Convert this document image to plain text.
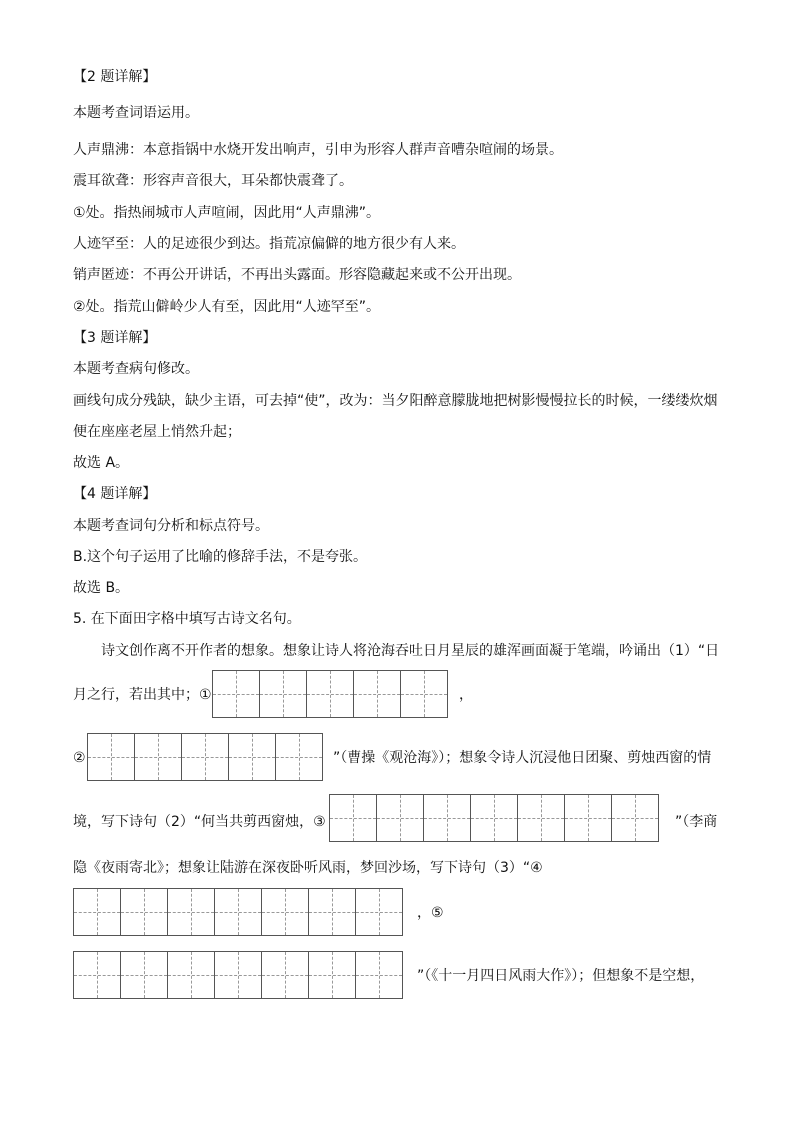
【2 题详解】
本题考查词语运用。
人声鼎沸：本意指锅中水烧开发出响声，引申为形容人群声音嘈杂喧闹的场景。
震耳欲聋：形容声音很大，耳朵都快震聋了。
①处。指热闹城市人声喧闹，因此用“人声鼎沸”。
人迹罕至：人的足迹很少到达。指荒凉偏僻的地方很少有人来。
销声匿迹：不再公开讲话，不再出头露面。形容隐藏起来或不公开出现。
②处。指荒山僻岭少人有至，因此用“人迹罕至”。
【3 题详解】
本题考查病句修改。
画线句成分残缺，缺少主语，可去掉“使”，改为：当夕阳醉意朦胧地把树影慢慢拉长的时候，一缕缕炊烟
便在座座老屋上悄然升起；
故选 A。
【4 题详解】
本题考查词句分析和标点符号。
B.这个句子运用了比喻的修辞手法，不是夸张。
故选 B。
5. 在下面田字格中填写古诗文名句。
诗文创作离不开作者的想象。想象让诗人将沧海吞吐日月星辰的雄浑画面凝于笔端，吟诵出（1）“日
月之行，若出其中；①	，
②	”（曹操《观沧海》）；想象令诗人沉浸他日团聚、剪烛西窗的情
境，写下诗句（2）“何当共剪西窗烛，③	”（李商
隐《夜雨寄北》；想象让陆游在深夜卧听风雨，梦回沙场，写下诗句（3）“④
，⑤
”（《十一月四日风雨大作》）；但想象不是空想，
